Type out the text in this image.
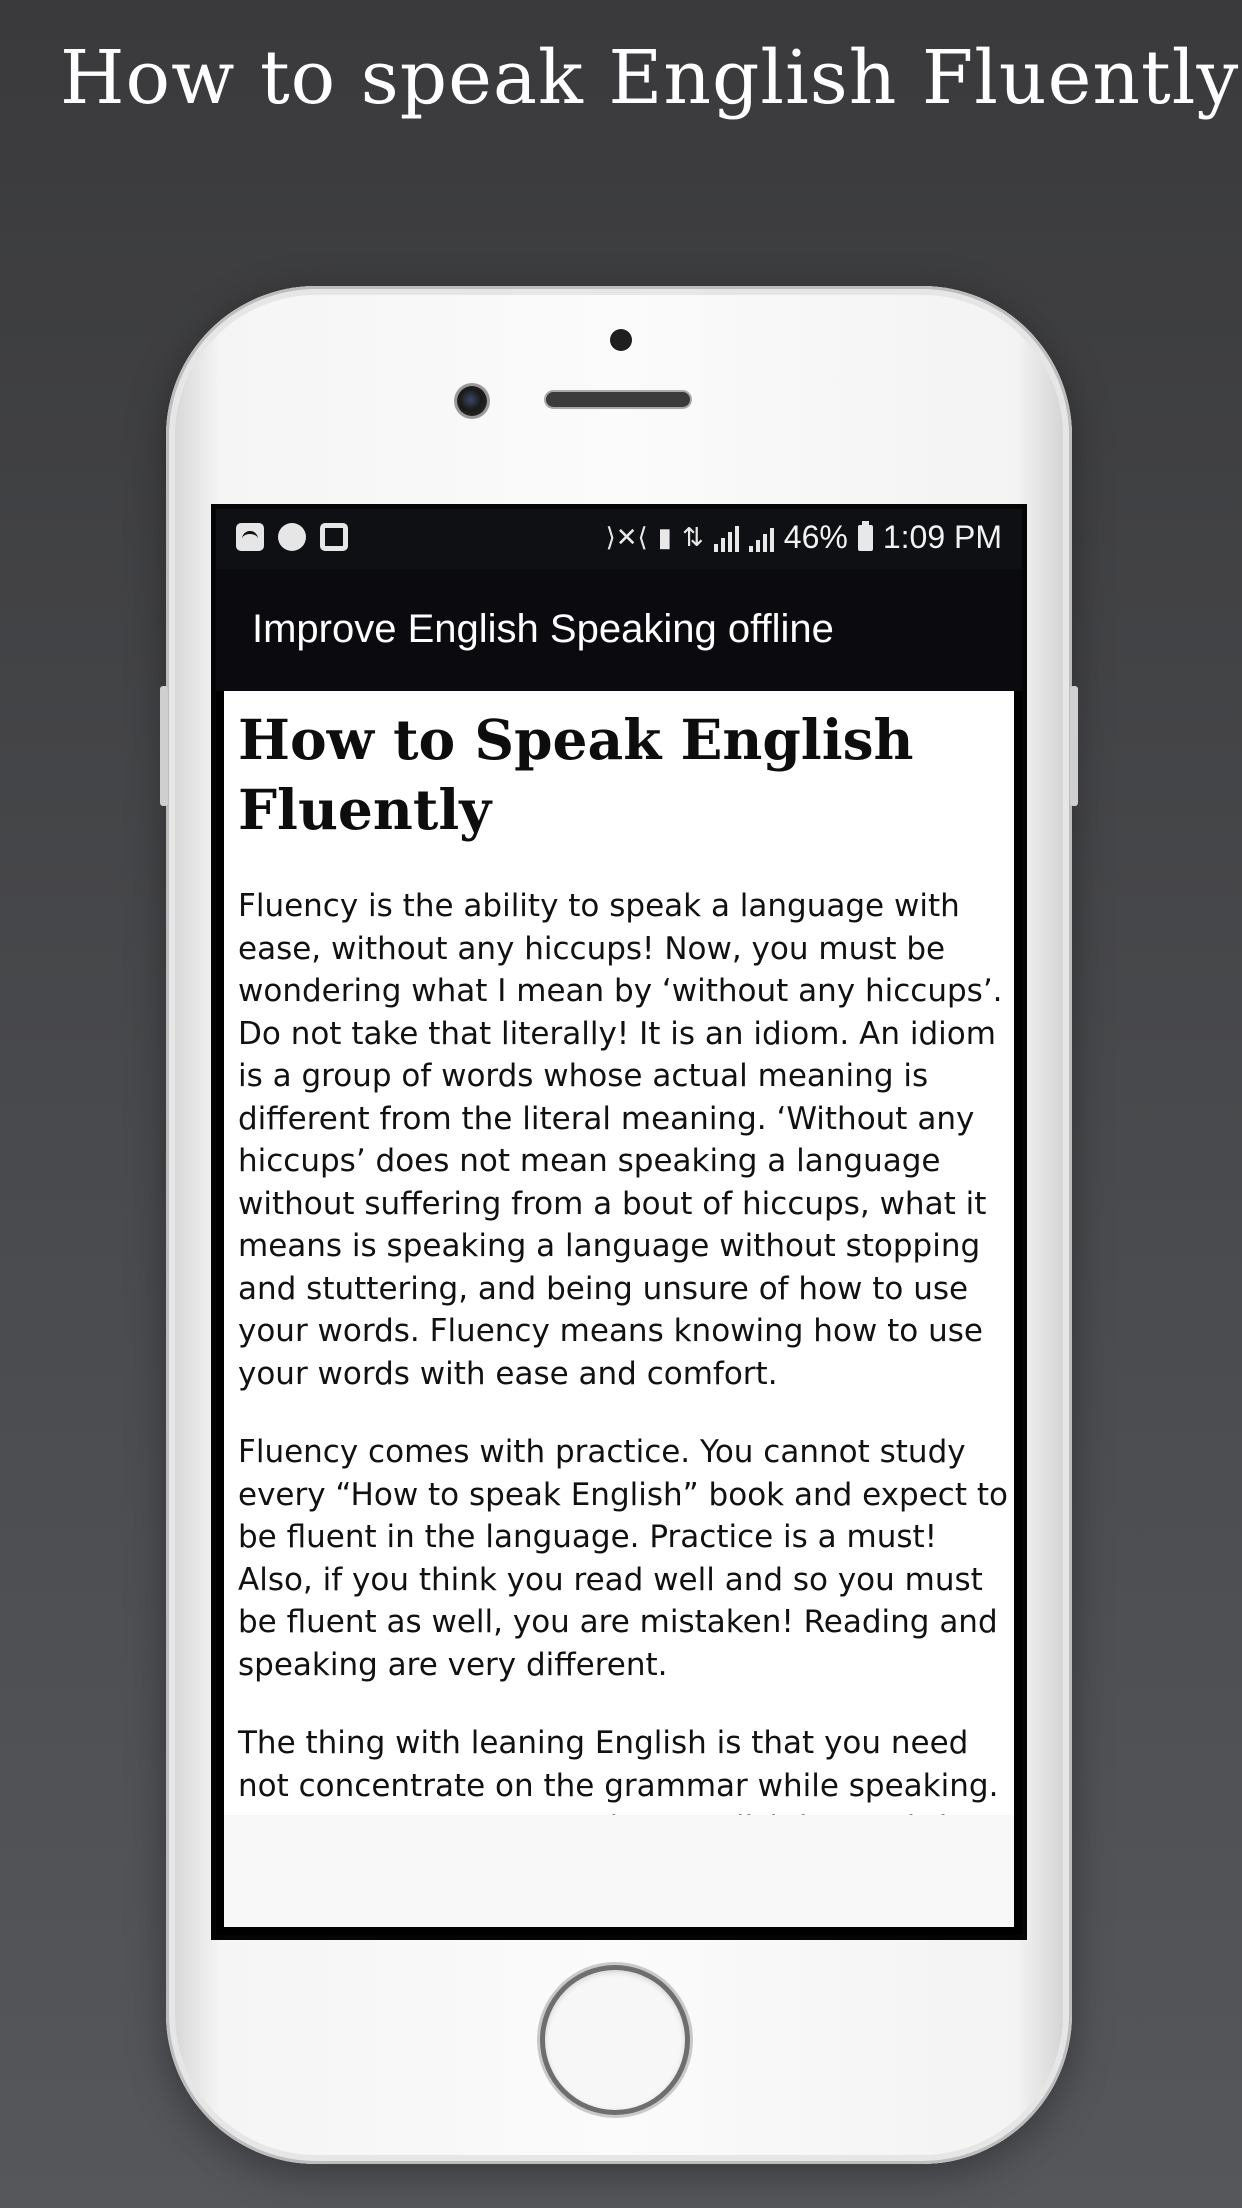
How to speak English Fluently
⟩✕⟨ ▮ ⇅	46% 1:09 PM
Improve English Speaking offline
How to Speak English Fluently

Fluency is the ability to speak a language with ease, without any hiccups! Now, you must be wondering what I mean by ‘without any hiccups’. Do not take that literally! It is an idiom. An idiom is a group of words whose actual meaning is different from the literal meaning. ‘Without any hiccups’ does not mean speaking a language without suffering from a bout of hiccups, what it means is speaking a language without stopping and stuttering, and being unsure of how to use your words. Fluency means knowing how to use your words with ease and comfort.

Fluency comes with practice. You cannot study every “How to speak English” book and expect to be fluent in the language. Practice is a must! Also, if you think you read well and so you must be fluent as well, you are mistaken! Reading and speaking are very different.

The thing with leaning English is that you need not concentrate on the grammar while speaking.
